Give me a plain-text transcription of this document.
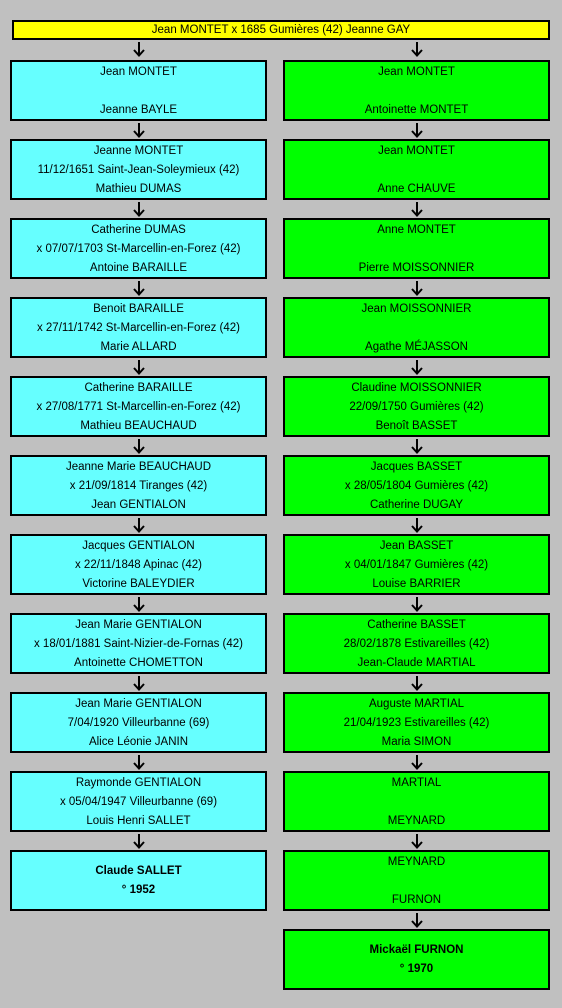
Jean MONTET x 1685 Gumières (42) Jeanne GAY
Jean MONTET
Jeanne BAYLE
Jeanne MONTET
11/12/1651 Saint-Jean-Soleymieux (42)
Mathieu DUMAS
Catherine DUMAS
x 07/07/1703 St-Marcellin-en-Forez (42)
Antoine BARAILLE
Benoit BARAILLE
x 27/11/1742 St-Marcellin-en-Forez (42)
Marie ALLARD
Catherine BARAILLE
x 27/08/1771 St-Marcellin-en-Forez (42)
Mathieu BEAUCHAUD
Jeanne Marie BEAUCHAUD
x 21/09/1814 Tiranges (42)
Jean GENTIALON
Jacques GENTIALON
x 22/11/1848 Apinac (42)
Victorine BALEYDIER
Jean Marie GENTIALON
x 18/01/1881 Saint-Nizier-de-Fornas (42)
Antoinette CHOMETTON
Jean Marie GENTIALON
7/04/1920 Villeurbanne (69)
Alice Léonie JANIN
Raymonde GENTIALON
x 05/04/1947 Villeurbanne (69)
Louis Henri SALLET
Claude SALLET
° 1952
Jean MONTET
Antoinette MONTET
Jean MONTET
Anne CHAUVE
Anne MONTET
Pierre MOISSONNIER
Jean MOISSONNIER
Agathe MÉJASSON
Claudine MOISSONNIER
22/09/1750 Gumières (42)
Benoît BASSET
Jacques BASSET
x 28/05/1804 Gumières (42)
Catherine DUGAY
Jean BASSET
x 04/01/1847 Gumières (42)
Louise BARRIER
Catherine BASSET
28/02/1878 Estivareilles (42)
Jean-Claude MARTIAL
Auguste MARTIAL
21/04/1923 Estivareilles (42)
Maria SIMON
MARTIAL
MEYNARD
MEYNARD
FURNON
Mickaël FURNON
° 1970
